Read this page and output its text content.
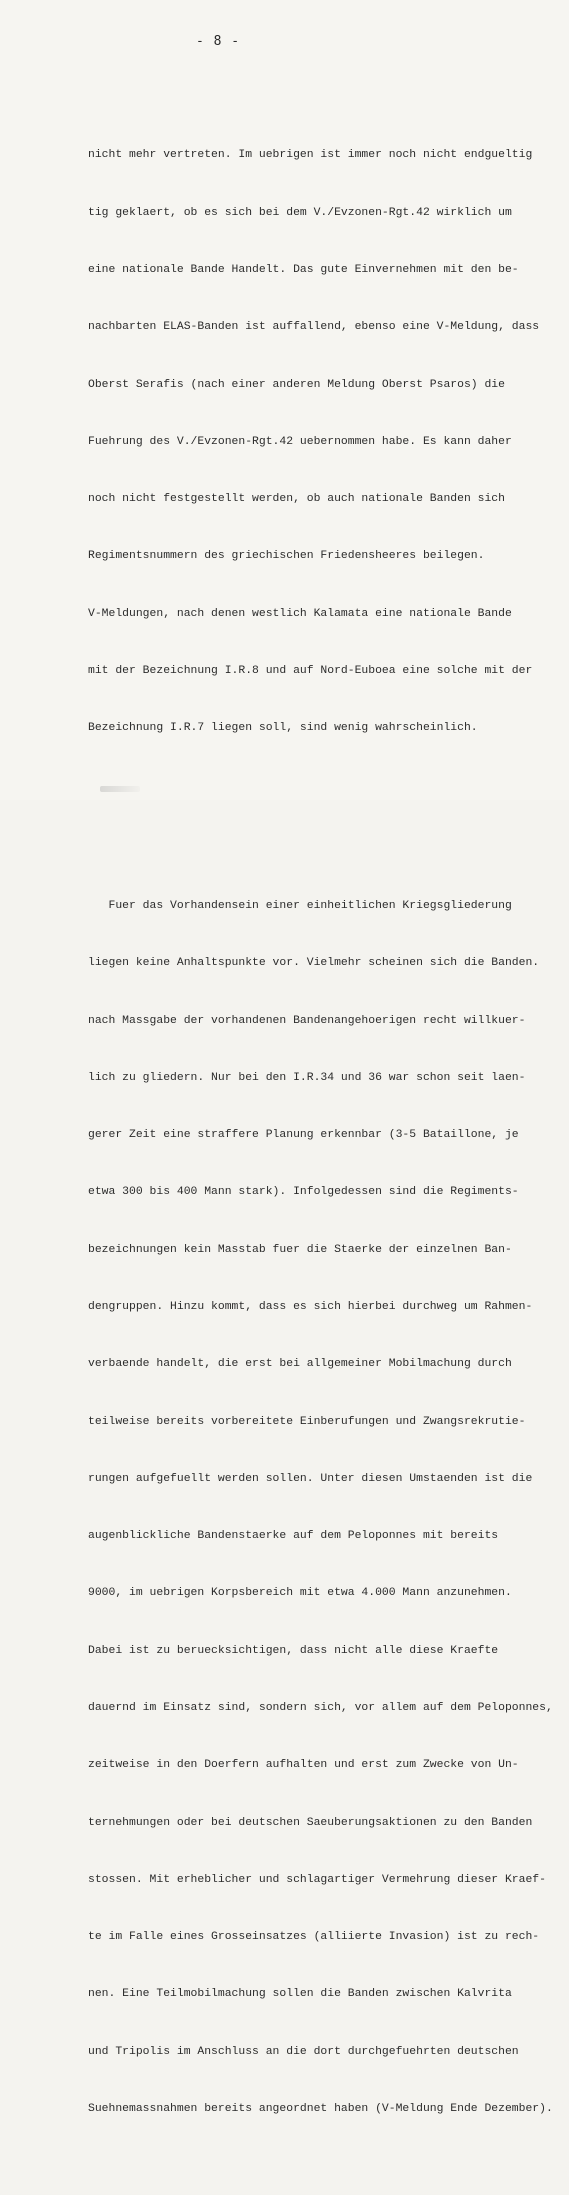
- 8 -

nicht mehr vertreten. Im uebrigen ist immer noch nicht endgueltig

tig geklaert, ob es sich bei dem V./Evzonen-Rgt.42 wirklich um

eine nationale Bande Handelt. Das gute Einvernehmen mit den be-

nachbarten ELAS-Banden ist auffallend, ebenso eine V-Meldung, dass

Oberst Serafis (nach einer anderen Meldung Oberst Psaros) die

Fuehrung des V./Evzonen-Rgt.42 uebernommen habe. Es kann daher

noch nicht festgestellt werden, ob auch nationale Banden sich

Regimentsnummern des griechischen Friedensheeres beilegen.

V-Meldungen, nach denen westlich Kalamata eine nationale Bande

mit der Bezeichnung I.R.8 und auf Nord-Euboea eine solche mit der

Bezeichnung I.R.7 liegen soll, sind wenig wahrscheinlich.

Fuer das Vorhandensein einer einheitlichen Kriegsgliederung

liegen keine Anhaltspunkte vor. Vielmehr scheinen sich die Banden.

nach Massgabe der vorhandenen Bandenangehoerigen recht willkuer-

lich zu gliedern. Nur bei den I.R.34 und 36 war schon seit laen-

gerer Zeit eine straffere Planung erkennbar (3-5 Bataillone, je

etwa 300 bis 400 Mann stark). Infolgedessen sind die Regiments-

bezeichnungen kein Masstab fuer die Staerke der einzelnen Ban-

dengruppen. Hinzu kommt, dass es sich hierbei durchweg um Rahmen-

verbaende handelt, die erst bei allgemeiner Mobilmachung durch

teilweise bereits vorbereitete Einberufungen und Zwangsrekrutie-

rungen aufgefuellt werden sollen. Unter diesen Umstaenden ist die

augenblickliche Bandenstaerke auf dem Peloponnes mit bereits

9000, im uebrigen Korpsbereich mit etwa 4.000 Mann anzunehmen.

Dabei ist zu beruecksichtigen, dass nicht alle diese Kraefte

dauernd im Einsatz sind, sondern sich, vor allem auf dem Peloponnes,

zeitweise in den Doerfern aufhalten und erst zum Zwecke von Un-

ternehmungen oder bei deutschen Saeuberungsaktionen zu den Banden

stossen. Mit erheblicher und schlagartiger Vermehrung dieser Kraef-

te im Falle eines Grosseinsatzes (alliierte Invasion) ist zu rech-

nen. Eine Teilmobilmachung sollen die Banden zwischen Kalvrita

und Tripolis im Anschluss an die dort durchgefuehrten deutschen

Suehnemassnahmen bereits angeordnet haben (V-Meldung Ende Dezember).
